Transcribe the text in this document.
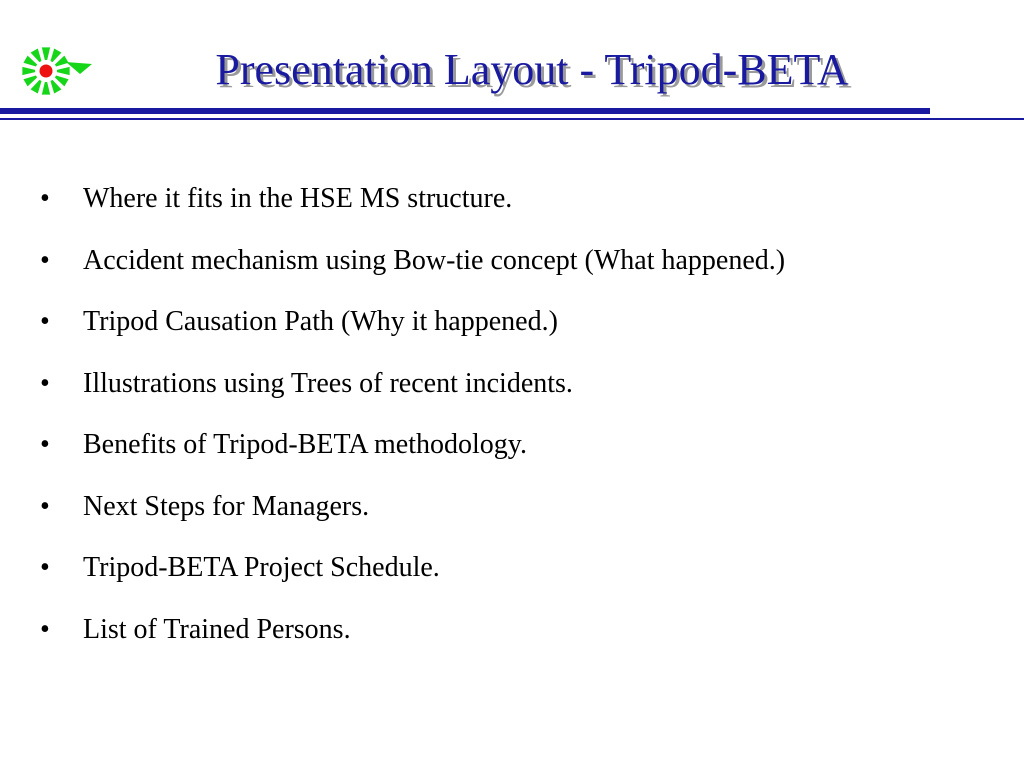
Presentation Layout - Tripod-BETA
•	Where it fits in the HSE MS structure.
•	Accident mechanism using Bow-tie concept (What happened.)
•	Tripod Causation Path (Why it happened.)
•	Illustrations using Trees of recent incidents.
•	Benefits of Tripod-BETA methodology.
•	Next Steps for Managers.
•	Tripod-BETA Project Schedule.
•	List of Trained Persons.
